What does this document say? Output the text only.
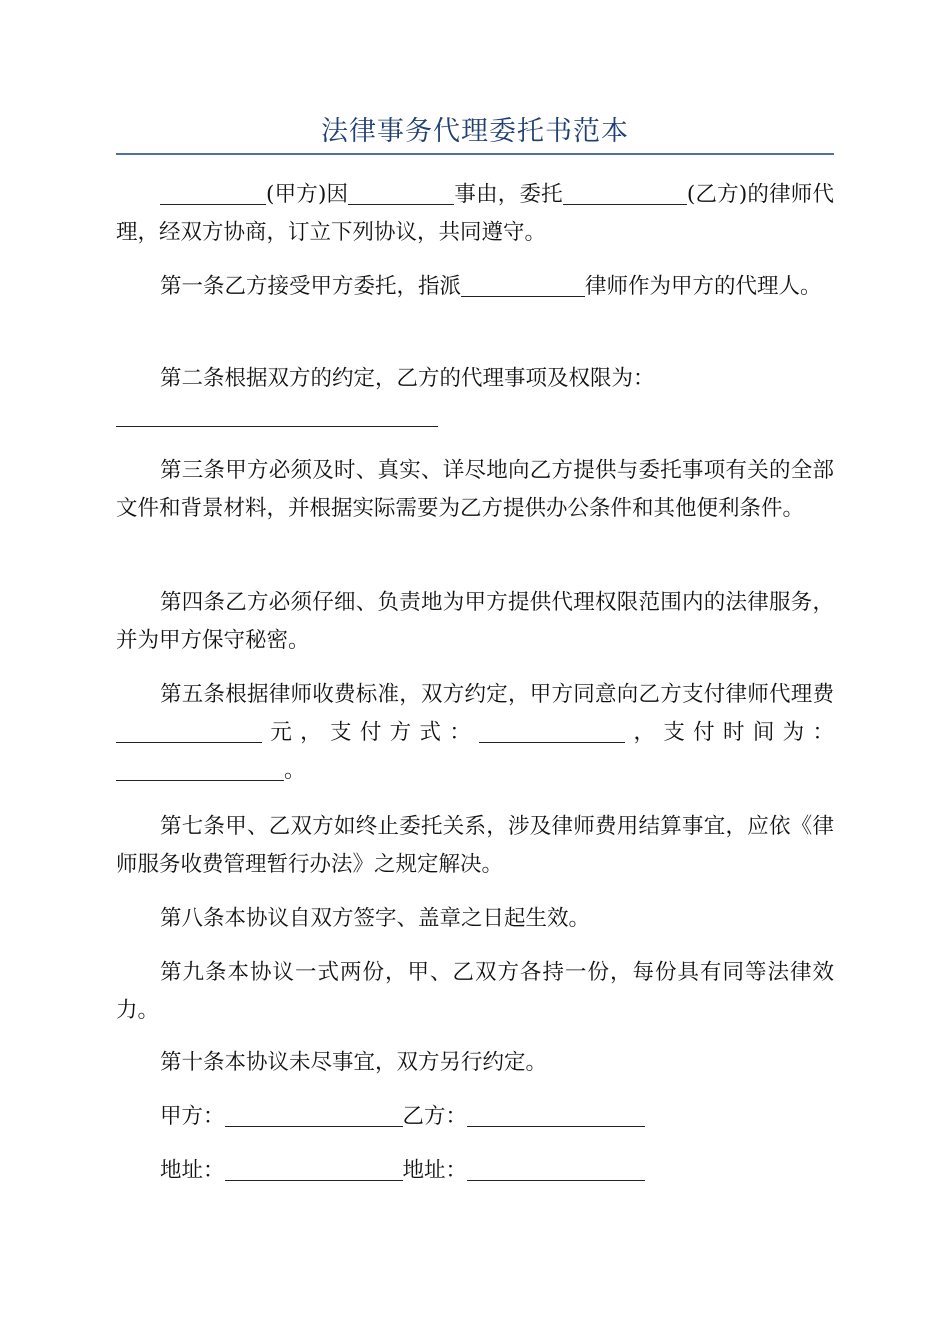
法律事务代理委托书范本

(甲方)因	事由，委托	(乙方)的律师代理，经双方协商，订立下列协议，共同遵守。

第一条乙方接受甲方委托，指派	律师作为甲方的代理人。

第二条根据双方的约定，乙方的代理事项及权限为：

第三条甲方必须及时、真实、详尽地向乙方提供与委托事项有关的全部文件和背景材料，并根据实际需要为乙方提供办公条件和其他便利条件。

第四条乙方必须仔细、负责地为甲方提供代理权限范围内的法律服务，并为甲方保守秘密。

第五条根据律师收费标准，双方约定，甲方同意向乙方支付律师代理费元，支付方式：	，支付时间为：。

第七条甲、乙双方如终止委托关系，涉及律师费用结算事宜，应依《律师服务收费管理暂行办法》之规定解决。

第八条本协议自双方签字、盖章之日起生效。

第九条本协议一式两份，甲、乙双方各持一份，每份具有同等法律效力。

第十条本协议未尽事宜，双方另行约定。

甲方：	乙方：

地址：	地址：
